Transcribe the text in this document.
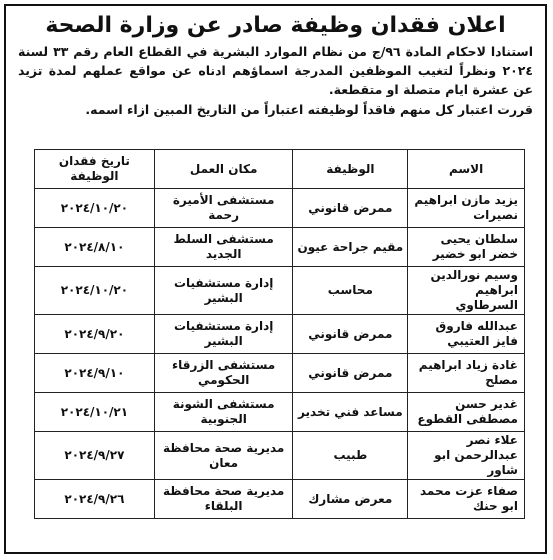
اعلان فقدان وظيفة صادر عن وزارة الصحة
استنادا لاحكام المادة ٩٦/ج من نظام الموارد البشرية في القطاع العام رقم ٣٣ لسنة ٢٠٢٤ ونظراً لتغيب الموظفين المدرجة اسماؤهم ادناه عن مواقع عملهم لمدة تزيد عن عشرة ايام متصلة او متقطعة.
قررت اعتبار كل منهم فاقداً لوظيفته اعتباراً من التاريخ المبين ازاء اسمه.
الاسم	الوظيفة	مكان العمل	تاريخ فقدان الوظيفة
يزيد مازن ابراهيم نصيرات	ممرض قانوني	مستشفى الأميرة رحمة	٢٠٢٤/١٠/٢٠
سلطان يحيى خضر ابو خضير	مقيم جراحة عيون	مستشفى السلط الجديد	٢٠٢٤/٨/١٠
وسيم نورالدين ابراهيم السرطاوي	محاسب	إدارة مستشفيات البشير	٢٠٢٤/١٠/٢٠
عبدالله فاروق فايز العتيبي	ممرض قانوني	إدارة مستشفيات البشير	٢٠٢٤/٩/٢٠
غادة زياد ابراهيم مصلح	ممرض قانوني	مستشفى الزرقاء الحكومي	٢٠٢٤/٩/١٠
غدير حسن مصطفى القطوع	مساعد فني تخدير	مستشفى الشونة الجنوبية	٢٠٢٤/١٠/٢١
علاء نصر عبدالرحمن ابو شاور	طبيب	مديرية صحة محافظة معان	٢٠٢٤/٩/٢٧
صفاء عزت محمد ابو حنك	معرض مشارك	مديرية صحة محافظة البلقاء	٢٠٢٤/٩/٢٦
